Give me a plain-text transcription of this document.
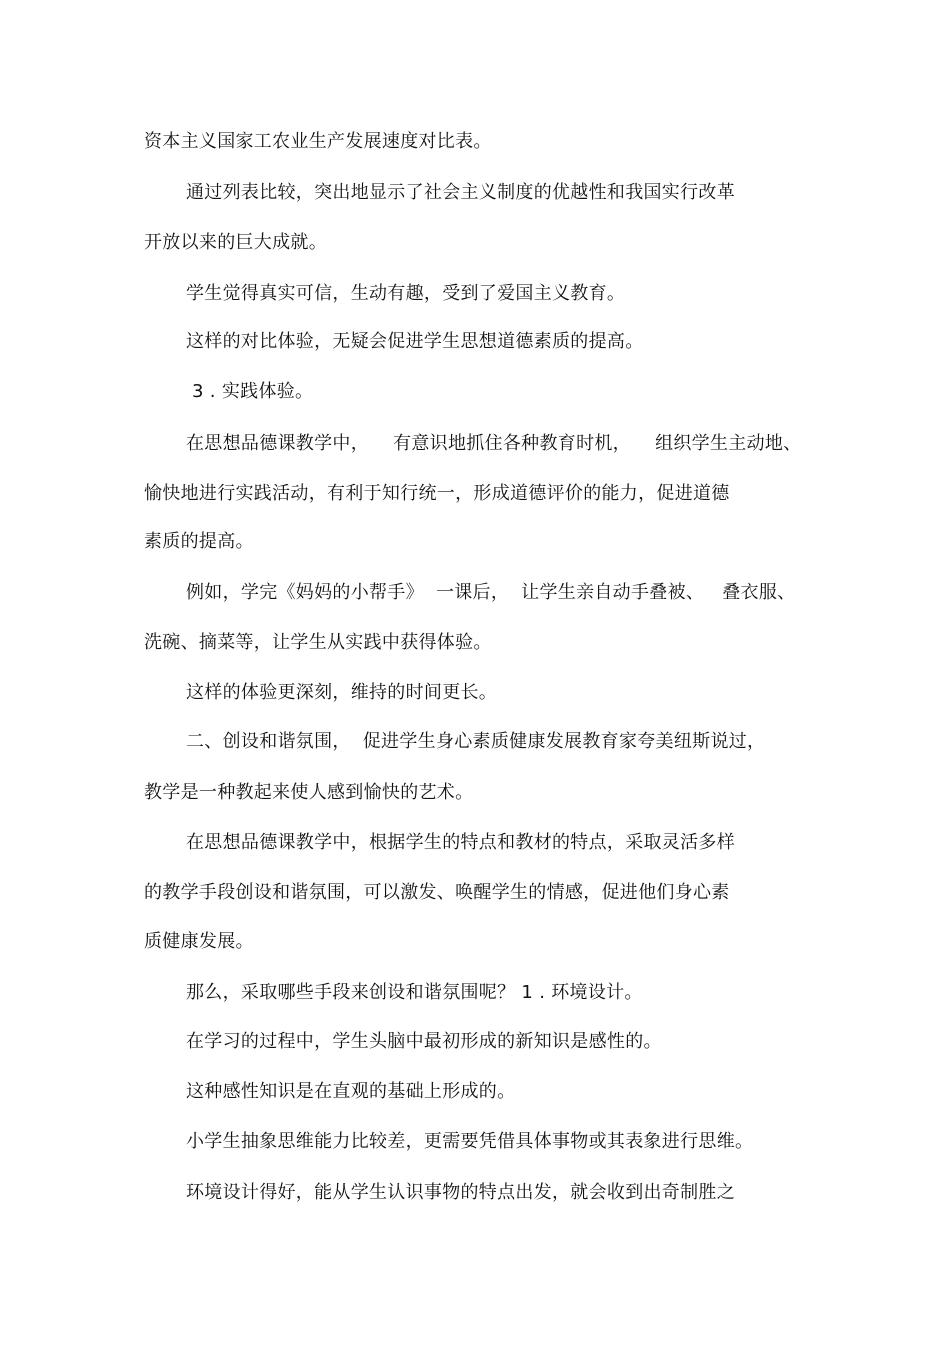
资本主义国家工农业生产发展速度对比表。
通过列表比较，突出地显示了社会主义制度的优越性和我国实行改革
开放以来的巨大成就。
学生觉得真实可信，生动有趣，受到了爱国主义教育。
这样的对比体验，无疑会促进学生思想道德素质的提高。
3 . 实践体验。
在思想品德课教学中，    有意识地抓住各种教育时机，    组织学生主动地、
愉快地进行实践活动，有利于知行统一，形成道德评价的能力，促进道德
素质的提高。
例如，学完《妈妈的小帮手》  一课后，  让学生亲自动手叠被、   叠衣服、
洗碗、摘菜等，让学生从实践中获得体验。
这样的体验更深刻，维持的时间更长。
二、创设和谐氛围，  促进学生身心素质健康发展教育家夸美纽斯说过，
教学是一种教起来使人感到愉快的艺术。
在思想品德课教学中，根据学生的特点和教材的特点，采取灵活多样
的教学手段创设和谐氛围，可以激发、唤醒学生的情感，促进他们身心素
质健康发展。
那么，采取哪些手段来创设和谐氛围呢？ 1 . 环境设计。
在学习的过程中，学生头脑中最初形成的新知识是感性的。
这种感性知识是在直观的基础上形成的。
小学生抽象思维能力比较差，更需要凭借具体事物或其表象进行思维。
环境设计得好，能从学生认识事物的特点出发，就会收到出奇制胜之
